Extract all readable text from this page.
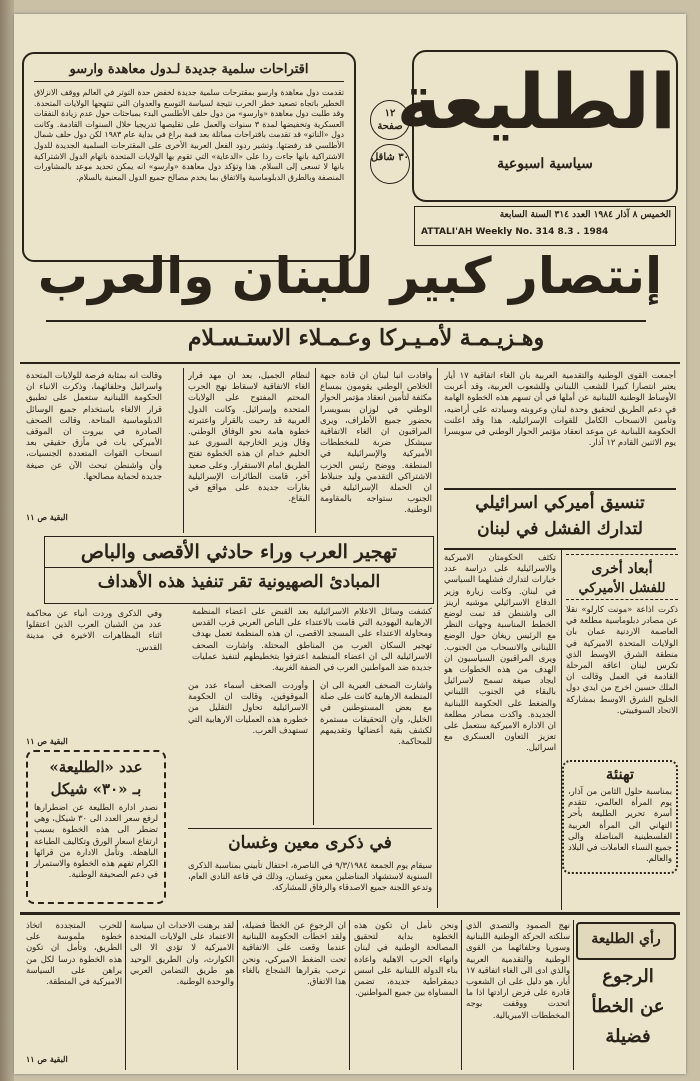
الطليعة
سياسية اسبوعية
الخميس ٨ آذار ١٩٨٤ العدد ٣١٤ السنة السابعة
ATTALI'AH Weekly No. 314 8.3 . 1984
١٢ صفحة
٣٠ شاقل
اقتراحات سلمية جديدة لـدول معاهدة وارسو
تقدمت دول معاهدة وارسو بمقترحات سلمية جديدة لخفض حدة التوتر في العالم ووقف الانزلاق الخطير باتجاه تصعيد خطر الحرب نتيجة لسياسة التوسع والعدوان التي تنتهجها الولايات المتحدة. وقد طلبت دول معاهدة «وارسو» من دول حلف الأطلسي البدء بمباحثات حول عدم زيادة النفقات العسكرية وتخفيضها لمدة ٣ سنوات والعمل على تقليصها تدريجيا خلال السنوات القادمة. وكانت دول «الناتو» قد تقدمت باقتراحات مماثلة بعد قمة براغ في بداية عام ١٩٨٣ لكن دول حلف شمال الأطلسي قد رفضتها. وتشير ردود الفعل العربية الأخرى على المقترحات السلمية الجديدة للدول الاشتراكية بانها جاءت ردا على «الدعاية» التي تقوم بها الولايات المتحدة باتهام الدول الاشتراكية بانها لا تسعى إلى السلام. هذا وتؤكد دول معاهدة «وارسو» انه يمكن تحديد موعد بالمشاورات المنصفة وبالطرق الدبلوماسية والاتفاق بما يخدم مصالح جميع الدول المعنية بالسلام.
إنتصار كبير للبنان والعرب
وهـزيـمـة لأمـيـركا وعـمـلاء الاستـسـلام
أجمعت القوى الوطنية والتقدمية العربية بان الغاء اتفاقية ١٧ أيار يعتبر انتصارا كبيرا للشعب اللبناني وللشعوب العربية، وقد أعربت الأوساط الوطنية اللبنانية عن أملها في أن تسهم هذه الخطوة الهامة في دعم الطريق لتحقيق وحدة لبنان وعروبته وسيادته على أراضيه، وتأمين الانسحاب الكامل للقوات الإسرائيلية. هذا وقد اعلنت الحكومة اللبنانية عن موعد انعقاد مؤتمر الحوار الوطني في سويسرا يوم الاثنين القادم ١٢ آذار.
تنسيق أميركي اسرائيلي
لتدارك الفشل في لبنان
تكثف الحكومتان الاميركية والاسرائيلية على دراسة عدد خيارات لتدارك فشلهما السياسي في لبنان. وكانت زيارة وزير الدفاع الاسرائيلي موشيه ارينز الى واشنطن قد تمت لوضع الخطط المناسبة وجهات النظر مع الرئيس ريغان حول الوضع اللبناني والانسحاب من الجنوب. ويرى المراقبون السياسيون ان الهدف من هذه الخطوات هو ايجاد صيغة تسمح لاسرائيل بالبقاء في الجنوب اللبناني والضغط على الحكومة اللبنانية الجديدة. واكدت مصادر مطلعة ان الادارة الاميركية ستعمل على تعزيز التعاون العسكري مع اسرائيل.
أبعاد أخرى
للفشل الأميركي
ذكرت اذاعة «مونت كارلو» نقلا عن مصادر دبلوماسية مطلعة في العاصمة الاردنية عمان بان الولايات المتحدة الاميركية في منطقة الشرق الاوسط الذي تكرس لبنان اعاقة المرحلة القادمة في العمل وقالت ان الملك حسين اخرج من ايدي دول الخليج الشرق الاوسط بمشاركة الاتحاد السوفييتي.
تهنئة
بمناسبة حلول الثامن من آذار، يوم المرأة العالمي، تتقدم أسرة تحرير الطليعة بأحر التهاني الى المرأة العربية الفلسطينية المناضلة والى جميع النساء العاملات في البلاد والعالم.
وافادت انبا لبنان ان قادة جبهة الخلاص الوطني يقومون بمساع مكثفة لتأمين انعقاد مؤتمر الحوار الوطني في لوزان بسويسرا بحضور جميع الأطراف، ويرى المراقبون ان الغاء الاتفاقية سيشكل ضربة للمخططات الأميركية والإسرائيلية في المنطقة. ووضح رئيس الحزب الاشتراكي التقدمي وليد جنبلاط ان الحملة الإسرائيلية في الجنوب ستواجه بالمقاومة الوطنية.
لنظام الجميل، بعد ان مهد قرار الغاء الاتفاقية لاسقاط نهج الحرب المحتم المفتوح على الولايات المتحدة وإسرائيل. وكانت الدول العربية قد رحبت بالقرار واعتبرته خطوة هامة نحو الوفاق الوطني. وقال وزير الخارجية السوري عبد الحليم خدام ان هذه الخطوة تفتح الطريق امام الاستقرار. وعلى صعيد آخر، قامت الطائرات الإسرائيلية بغارات جديدة على مواقع في البقاع.
وقالت انه بمثابة فرصة للولايات المتحدة واسرائيل وحلفائهما، وذكرت الانباء ان الحكومة اللبنانية ستعمل على تطبيق قرار الالغاء باستخدام جميع الوسائل الدبلوماسية المتاحة. وقالت الصحف الصادرة في بيروت ان الموقف الأميركي بات في مأزق حقيقي بعد انسحاب القوات المتعددة الجنسيات، وأن واشنطن تبحث الآن عن صيغة جديدة لحماية مصالحها.
البقية ص ١١
تهجير العرب وراء حادثي الأقصى والباص
المبادئ الصهيونية تقر تنفيذ هذه الأهداف
كشفت وسائل الاعلام الاسرائيلية بعد القبض على اعضاء المنظمة الارهابية اليهودية التي قامت بالاعتداء على الباص العربي قرب القدس ومحاولة الاعتداء على المسجد الاقصى، ان هذه المنظمة تعمل بهدف تهجير السكان العرب من المناطق المحتلة. واشارت الصحف الاسرائيلية الى ان اعضاء المنظمة اعترفوا بتخطيطهم لتنفيذ عمليات جديدة ضد المواطنين العرب في الضفة الغربية.
واشارت الصحف العبرية الى ان المنظمة الارهابية كانت على صلة مع بعض المستوطنين في الخليل، وان التحقيقات مستمرة لكشف بقية أعضائها وتقديمهم للمحاكمة.
وأوردت الصحف أسماء عدد من الموقوفين، وقالت ان الحكومة الاسرائيلية تحاول التقليل من خطورة هذه العمليات الارهابية التي تستهدف العرب.
وفي الذكرى وردت أنباء عن محاكمة عدد من الشبان العرب الذين اعتقلوا اثناء المظاهرات الاخيرة في مدينة القدس.
البقية ص ١١
عدد «الطليعة»
بـ «٣٠» شيكل
نصدر ادارة الطليعة عن اضطرارها لرفع سعر العدد الى ٣٠ شيكل، وهي تضطر الى هذه الخطوة بسبب ارتفاع اسعار الورق وتكاليف الطباعة الباهظة. وتأمل الادارة من قرائها الكرام تفهم هذه الخطوة والاستمرار في دعم الصحيفة الوطنية.
في ذكرى معين وغسان
سيقام يوم الجمعة ٩/٣/١٩٨٤ في الناصرة، احتفال تأبيني بمناسبة الذكرى السنوية لاستشهاد المناضلين معين وغسان، وذلك في قاعة النادي العام، وتدعو اللجنة جميع الاصدقاء والرفاق للمشاركة.
رأي الطليعة
الرجوع
عن الخطأ
فضيلة
نهج الصمود والتصدي الذي سلكته الحركة الوطنية اللبنانية وسوريا وحلفائهما من القوى الوطنية والتقدمية العربية والذي ادى الى الغاء اتفاقية ١٧ أيار، هو دليل على ان الشعوب قادرة على فرض ارادتها اذا ما اتحدت ووقفت بوجه المخططات الامبريالية.
ونحن نأمل ان تكون هذه الخطوة بداية لتحقيق المصالحة الوطنية في لبنان وانهاء الحرب الاهلية واعادة بناء الدولة اللبنانية على اسس ديمقراطية جديدة، تضمن المساواة بين جميع المواطنين.
ان الرجوع عن الخطأ فضيلة، ولقد اخطأت الحكومة اللبنانية عندما وقعت على الاتفاقية تحت الضغط الاميركي، ونحن نرحب بقرارها الشجاع بالغاء هذا الاتفاق.
لقد برهنت الاحداث ان سياسة الاعتماد على الولايات المتحدة الاميركية لا تؤدي الا الى الكوارث، وان الطريق الوحيد هو طريق التضامن العربي والوحدة الوطنية.
للحرب المتجددة اتخاذ خطوة ملموسة على الطريق، وتأمل ان تكون هذه الخطوة درسا لكل من يراهن على السياسة الاميركية في المنطقة.
البقية ص ١١
